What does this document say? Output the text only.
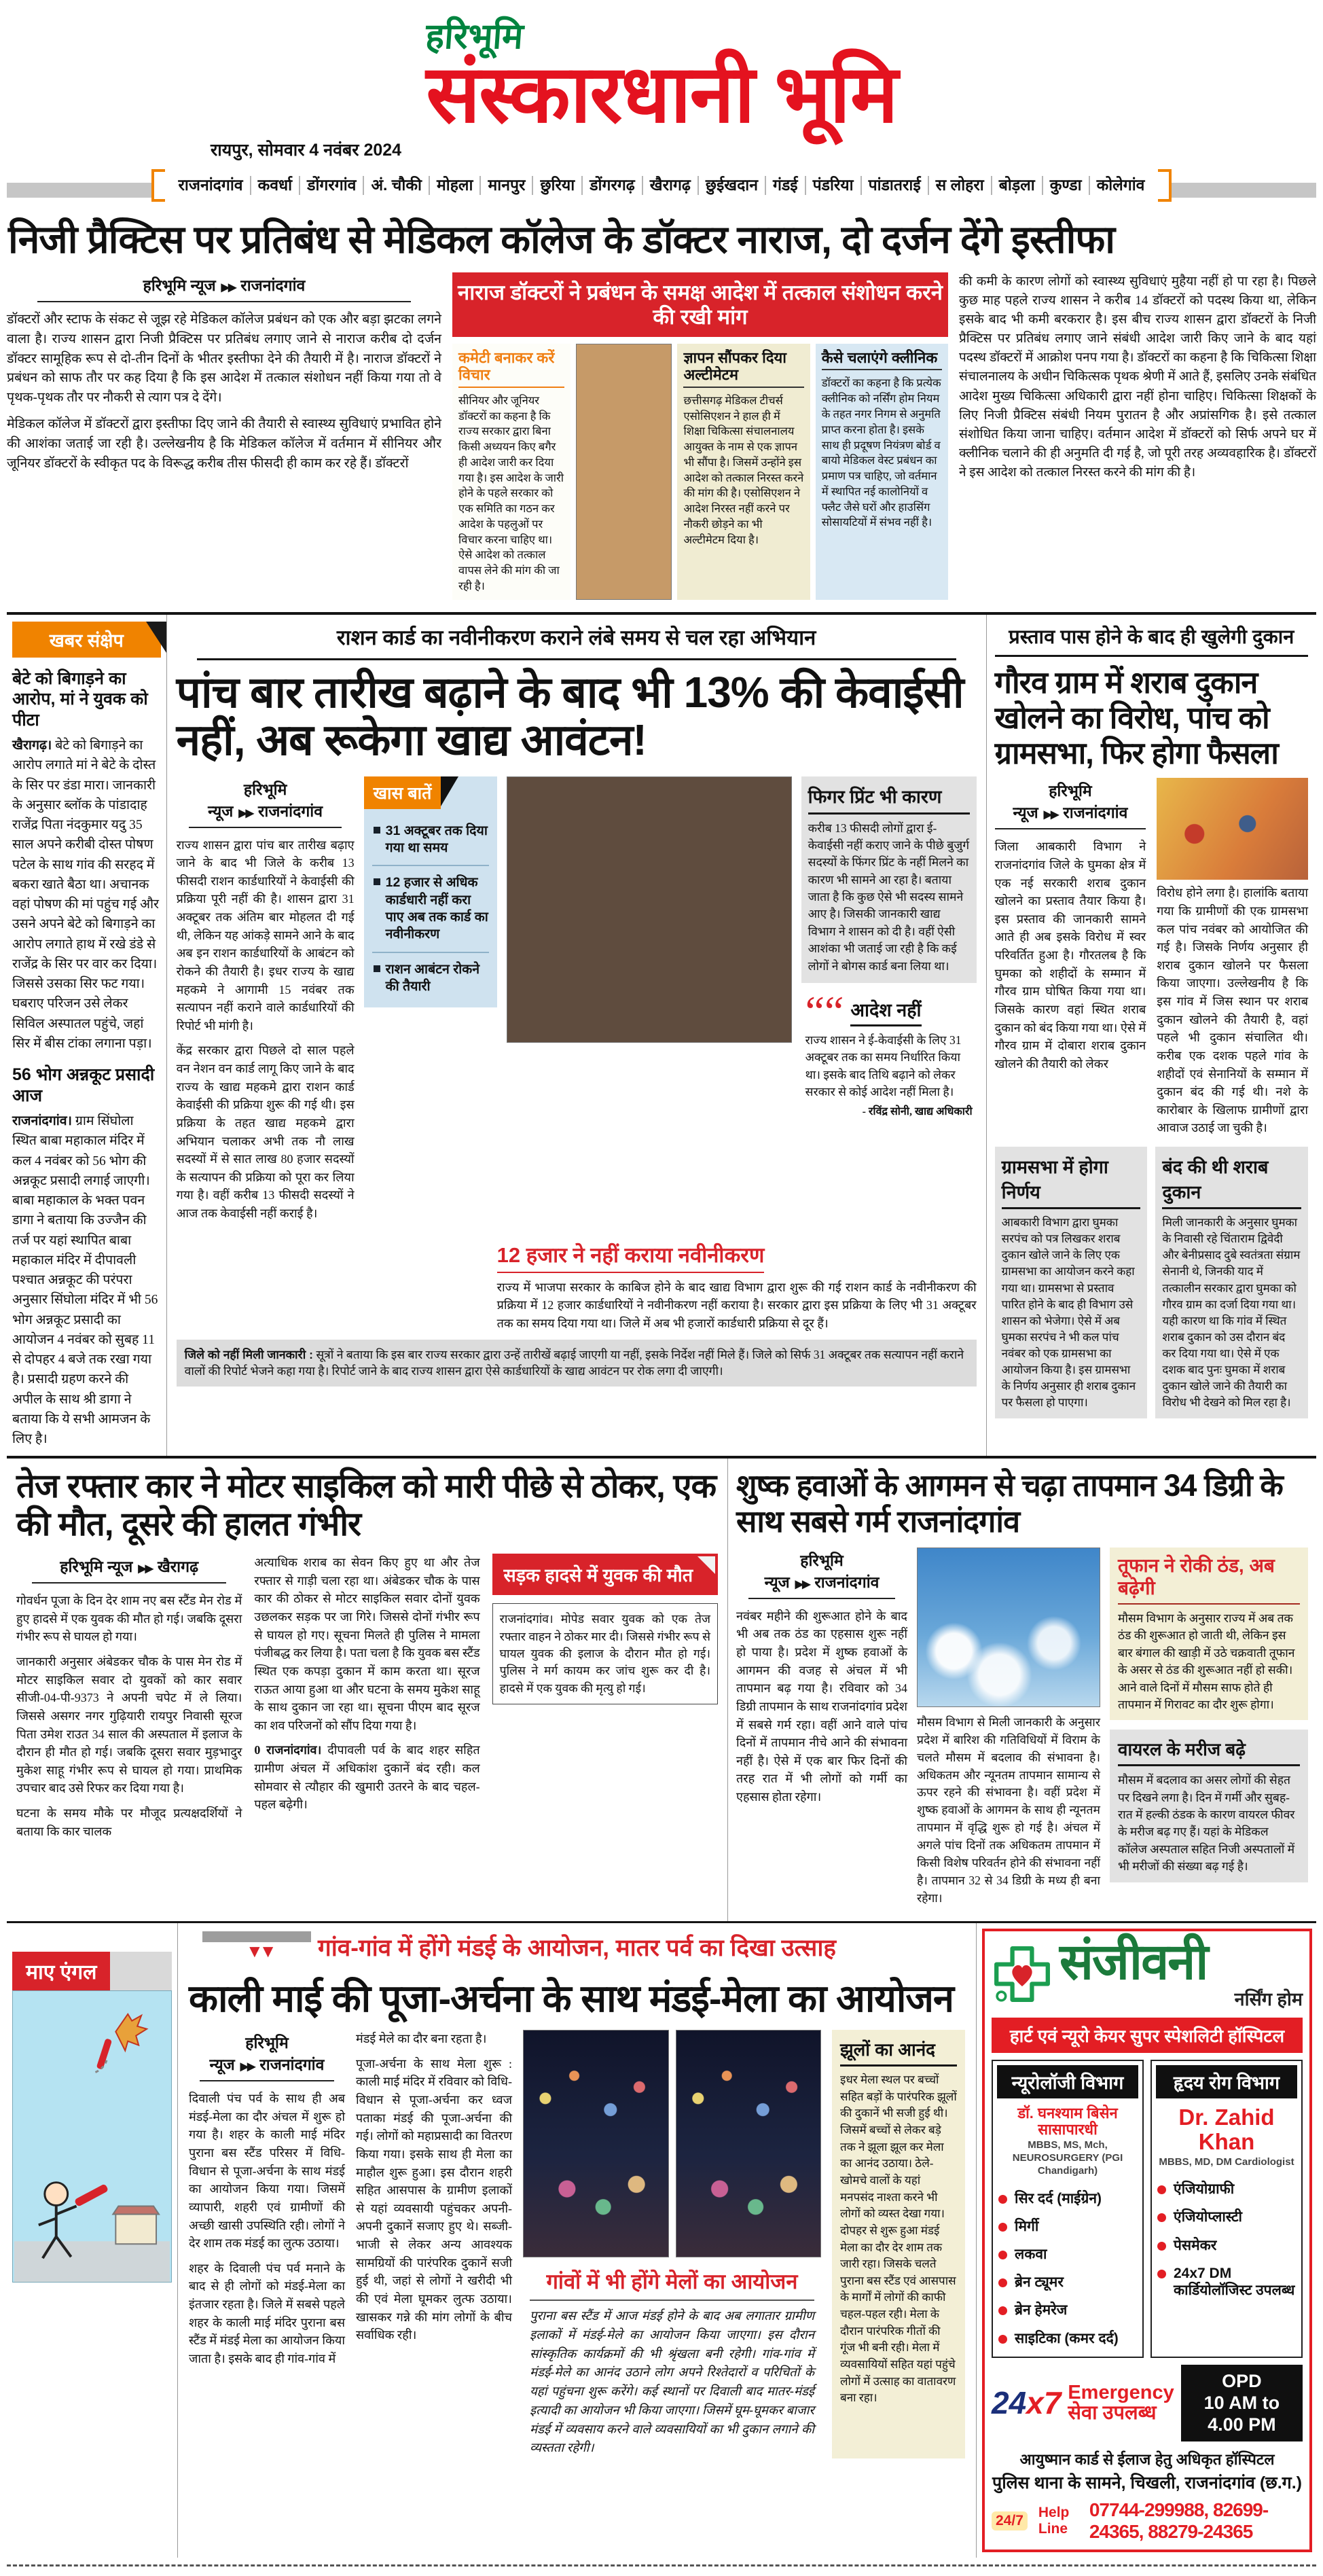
हरिभूमि
संस्कारधानी भूमि
रायपुर, सोमवार 4 नवंबर 2024
राजनांदगांव कवर्धा डोंगरगांव अं. चौकी मोहला मानपुर छुरिया डोंगरगढ़ खैरागढ़ छुईखदान गंडई पंडरिया पांडातराई स लोहरा बोड़ला कुण्डा कोलेगांव
निजी प्रैक्टिस पर प्रतिबंध से मेडिकल कॉलेज के डॉक्टर नाराज, दो दर्जन देंगे इस्तीफा
हरिभूमि न्यूज ▶▶ राजनांदगांव

डॉक्टरों और स्टाफ के संकट से जूझ रहे मेडिकल कॉलेज प्रबंधन को एक और बड़ा झटका लगने वाला है। राज्य शासन द्वारा निजी प्रैक्टिस पर प्रतिबंध लगाए जाने से नाराज करीब दो दर्जन डॉक्टर सामूहिक रूप से दो-तीन दिनों के भीतर इस्तीफा देने की तैयारी में है। नाराज डॉक्टरों ने प्रबंधन को साफ तौर पर कह दिया है कि इस आदेश में तत्काल संशोधन नहीं किया गया तो वे पृथक-पृथक तौर पर नौकरी से त्याग पत्र दे देंगे।

मेडिकल कॉलेज में डॉक्टरों द्वारा इस्तीफा दिए जाने की तैयारी से स्वास्थ्य सुविधाएं प्रभावित होने की आशंका जताई जा रही है। उल्लेखनीय है कि मेडिकल कॉलेज में वर्तमान में सीनियर और जूनियर डॉक्टरों के स्वीकृत पद के विरूद्ध करीब तीस फीसदी ही काम कर रहे हैं। डॉक्टरों

नाराज डॉक्टरों ने प्रबंधन के समक्ष आदेश में तत्काल संशोधन करने की रखी मांग
कमेटी बनाकर करें विचार

सीनियर और जूनियर डॉक्टरों का कहना है कि राज्य सरकार द्वारा बिना किसी अध्ययन किए बगैर ही आदेश जारी कर दिया गया है। इस आदेश के जारी होने के पहले सरकार को एक समिति का गठन कर आदेश के पहलुओं पर विचार करना चाहिए था। ऐसे आदेश को तत्काल वापस लेने की मांग की जा रही है।

ज्ञापन सौंपकर दिया अल्टीमेटम

छत्तीसगढ़ मेडिकल टीचर्स एसोसिएशन ने हाल ही में शिक्षा चिकित्सा संचालनालय आयुक्त के नाम से एक ज्ञापन भी सौंपा है। जिसमें उन्होंने इस आदेश को तत्काल निरस्त करने की मांग की है। एसोसिएशन ने आदेश निरस्त नहीं करने पर नौकरी छोड़ने का भी अल्टीमेटम दिया है।

कैसे चलाएंगे क्लीनिक

डॉक्टरों का कहना है कि प्रत्येक क्लीनिक को नर्सिंग होम नियम के तहत नगर निगम से अनुमति प्राप्त करना होता है। इसके साथ ही प्रदूषण नियंत्रण बोर्ड व बायो मेडिकल वेस्ट प्रबंधन का प्रमाण पत्र चाहिए, जो वर्तमान में स्थापित नई कालोनियों व फ्लैट जैसे घरों और हाउसिंग सोसायटियों में संभव नहीं है।

की कमी के कारण लोगों को स्वास्थ्य सुविधाएं मुहैया नहीं हो पा रहा है। पिछले कुछ माह पहले राज्य शासन ने करीब 14 डॉक्टरों को पदस्थ किया था, लेकिन इसके बाद भी कमी बरकरार है। इस बीच राज्य शासन द्वारा डॉक्टरों के निजी प्रैक्टिस पर प्रतिबंध लगाए जाने संबंधी आदेश जारी किए जाने के बाद यहां पदस्थ डॉक्टरों में आक्रोश पनप गया है। डॉक्टरों का कहना है कि चिकित्सा शिक्षा संचालनालय के अधीन चिकित्सक पृथक श्रेणी में आते हैं, इसलिए उनके संबंधित आदेश मुख्य चिकित्सा अधिकारी द्वारा नहीं होना चाहिए। चिकित्सा शिक्षकों के लिए निजी प्रैक्टिस संबंधी नियम पुरातन है और अप्रांसगिक है। इसे तत्काल संशोधित किया जाना चाहिए। वर्तमान आदेश में डॉक्टरों को सिर्फ अपने घर में क्लीनिक चलाने की ही अनुमति दी गई है, जो पूरी तरह अव्यवहारिक है। डॉक्टरों ने इस आदेश को तत्काल निरस्त करने की मांग की है।

खबर संक्षेप
बेटे को बिगाड़ने का आरोप, मां ने युवक को पीटा

खैरागढ़। बेटे को बिगाड़ने का आरोप लगाते मां ने बेटे के दोस्त के सिर पर डंडा मारा। जानकारी के अनुसार ब्लॉक के पांडादाह राजेंद्र पिता नंदकुमार यदु 35 साल अपने करीबी दोस्त पोषण पटेल के साथ गांव की सरहद में बकरा खाते बैठा था। अचानक वहां पोषण की मां पहुंच गई और उसने अपने बेटे को बिगाड़ने का आरोप लगाते हाथ में रखे डंडे से राजेंद्र के सिर पर वार कर दिया। जिससे उसका सिर फट गया। घबराए परिजन उसे लेकर सिविल अस्पातल पहुंचे, जहां सिर में बीस टांका लगाना पड़ा।

56 भोग अन्नकूट प्रसादी आज

राजनांदगांव। ग्राम सिंघोला स्थित बाबा महाकाल मंदिर में कल 4 नवंबर को 56 भोग की अन्नकूट प्रसादी लगाई जाएगी। बाबा महाकाल के भक्त पवन डागा ने बताया कि उज्जैन की तर्ज पर यहां स्थापित बाबा महाकाल मंदिर में दीपावली पश्चात अन्नकूट की परंपरा अनुसार सिंघोला मंदिर में भी 56 भोग अन्नकूट प्रसादी का आयोजन 4 नवंबर को सुबह 11 से दोपहर 4 बजे तक रखा गया है। प्रसादी ग्रहण करने की अपील के साथ श्री डागा ने बताया कि ये सभी आमजन के लिए है।

राशन कार्ड का नवीनीकरण कराने लंबे समय से चल रहा अभियान
पांच बार तारीख बढ़ाने के बाद भी 13% की केवाईसी नहीं, अब रूकेगा खाद्य आवंटन!
हरिभूमि न्यूज ▶▶ राजनांदगांव

राज्य शासन द्वारा पांच बार तारीख बढ़ाए जाने के बाद भी जिले के करीब 13 फीसदी राशन कार्डधारियों ने केवाईसी की प्रक्रिया पूरी नहीं की है। शासन द्वारा 31 अक्टूबर तक अंतिम बार मोहलत दी गई थी, लेकिन यह आंकड़े सामने आने के बाद अब इन राशन कार्डधारियों के आबंटन को रोकने की तैयारी है। इधर राज्य के खाद्य महकमे ने आगामी 15 नवंबर तक सत्यापन नहीं कराने वाले कार्डधारियों की रिपोर्ट भी मांगी है।

केंद्र सरकार द्वारा पिछले दो साल पहले वन नेशन वन कार्ड लागू किए जाने के बाद राज्य के खाद्य महकमे द्वारा राशन कार्ड केवाईसी की प्रक्रिया शुरू की गई थी। इस प्रक्रिया के तहत खाद्य महकमे द्वारा अभियान चलाकर अभी तक नौ लाख सदस्यों में से सात लाख 80 हजार सदस्यों के सत्यापन की प्रक्रिया को पूरा कर लिया गया है। वहीं करीब 13 फीसदी सदस्यों ने आज तक केवाईसी नहीं कराई है।

खास बातें
31 अक्टूबर तक दिया गया था समय
12 हजार से अधिक कार्डधारी नहीं करा पाए अब तक कार्ड का नवीनीकरण
राशन आबंटन रोकने की तैयारी
फिगर प्रिंट भी कारण

करीब 13 फीसदी लोगों द्वारा ई-केवाईसी नहीं कराए जाने के पीछे बुजुर्ग सदस्यों के फिंगर प्रिंट के नहीं मिलने का कारण भी सामने आ रहा है। बताया जाता है कि कुछ ऐसे भी सदस्य सामने आए है। जिसकी जानकारी खाद्य विभाग ने शासन को दी है। वहीं ऐसी आशंका भी जताई जा रही है कि कई लोगों ने बोगस कार्ड बना लिया था।

““ आदेश नहीं

राज्य शासन ने ई-केवाईसी के लिए 31 अक्टूबर तक का समय निर्धारित किया था। इसके बाद तिथि बढ़ाने को लेकर सरकार से कोई आदेश नहीं मिला है।

- रविंद्र सोनी, खाद्य अधिकारी
12 हजार ने नहीं कराया नवीनीकरण

राज्य में भाजपा सरकार के काबिज होने के बाद खाद्य विभाग द्वारा शुरू की गई राशन कार्ड के नवीनीकरण की प्रक्रिया में 12 हजार कार्डधारियों ने नवीनीकरण नहीं कराया है। सरकार द्वारा इस प्रक्रिया के लिए भी 31 अक्टूबर तक का समय दिया गया था। जिले में अब भी हजारों कार्डधारी प्रक्रिया से दूर हैं।

जिले को नहीं मिली जानकारी : सूत्रों ने बताया कि इस बार राज्य सरकार द्वारा उन्हें तारीखें बढ़ाई जाएगी या नहीं, इसके निर्देश नहीं मिले हैं। जिले को सिर्फ 31 अक्टूबर तक सत्यापन नहीं कराने वालों की रिपोर्ट भेजने कहा गया है। रिपोर्ट जाने के बाद राज्य शासन द्वारा ऐसे कार्डधारियों के खाद्य आवंटन पर रोक लगा दी जाएगी।
प्रस्ताव पास होने के बाद ही खुलेगी दुकान
गौरव ग्राम में शराब दुकान खोलने का विरोध, पांच को ग्रामसभा, फिर होगा फैसला
हरिभूमि न्यूज ▶▶ राजनांदगांव

जिला आबकारी विभाग ने राजनांदगांव जिले के घुमका क्षेत्र में एक नई सरकारी शराब दुकान खोलने का प्रस्ताव तैयार किया है। इस प्रस्ताव की जानकारी सामने आते ही अब इसके विरोध में स्वर परिवर्तित हुआ है। गौरतलब है कि घुमका को शहीदों के सम्मान में गौरव ग्राम घोषित किया गया था। जिसके कारण वहां स्थित शराब दुकान को बंद किया गया था। ऐसे में गौरव ग्राम में दोबारा शराब दुकान खोलने की तैयारी को लेकर

विरोध होने लगा है। हालांकि बताया गया कि ग्रामीणों की एक ग्रामसभा कल पांच नवंबर को आयोजित की गई है। जिसके निर्णय अनुसार ही शराब दुकान खोलने पर फैसला किया जाएगा। उल्लेखनीय है कि इस गांव में जिस स्थान पर शराब दुकान खोलने की तैयारी है, वहां पहले भी दुकान संचालित थी। करीब एक दशक पहले गांव के शहीदों एवं सेनानियों के सम्मान में दुकान बंद की गई थी। नशे के कारोबार के खिलाफ ग्रामीणों द्वारा आवाज उठाई जा चुकी है।

ग्रामसभा में होगा निर्णय

आबकारी विभाग द्वारा घुमका सरपंच को पत्र लिखकर शराब दुकान खोले जाने के लिए एक ग्रामसभा का आयोजन करने कहा गया था। ग्रामसभा से प्रस्ताव पारित होने के बाद ही विभाग उसे शासन को भेजेगा। ऐसे में अब घुमका सरपंच ने भी कल पांच नवंबर को एक ग्रामसभा का आयोजन किया है। इस ग्रामसभा के निर्णय अनुसार ही शराब दुकान पर फैसला हो पाएगा।

बंद की थी शराब दुकान

मिली जानकारी के अनुसार घुमका के निवासी रहे चिंताराम द्विवेदी और बेनीप्रसाद दुबे स्वतंत्रता संग्राम सेनानी थे, जिनकी याद में तत्कालीन सरकार द्वारा घुमका को गौरव ग्राम का दर्जा दिया गया था। यही कारण था कि गांव में स्थित शराब दुकान को उस दौरान बंद कर दिया गया था। ऐसे में एक दशक बाद पुनः घुमका में शराब दुकान खोले जाने की तैयारी का विरोध भी देखने को मिल रहा है।

तेज रफ्तार कार ने मोटर साइकिल को मारी पीछे से ठोकर, एक की मौत, दूसरे की हालत गंभीर
हरिभूमि न्यूज ▶▶ खैरागढ़

गोवर्धन पूजा के दिन देर शाम नए बस स्टैंड मेन रोड में हुए हादसे में एक युवक की मौत हो गई। जबकि दूसरा गंभीर रूप से घायल हो गया।

जानकारी अनुसार अंबेडकर चौक के पास मेन रोड में मोटर साइकिल सवार दो युवकों को कार सवार सीजी-04-पी-9373 ने अपनी चपेट में ले लिया। जिससे असगर नगर गुढ़ियारी रायपुर निवासी सूरज पिता उमेश राउत 34 साल की अस्पताल में इलाज के दौरान ही मौत हो गई। जबकि दूसरा सवार मुड़भादुर मुकेश साहू गंभीर रूप से घायल हो गया। प्राथमिक उपचार बाद उसे रिफर कर दिया गया है।

घटना के समय मौके पर मौजूद प्रत्यक्षदर्शियों ने बताया कि कार चालक

अत्याधिक शराब का सेवन किए हुए था और तेज रफ्तार से गाड़ी चला रहा था। अंबेडकर चौक के पास कार की ठोकर से मोटर साइकिल सवार दोनों युवक उछलकर सड़क पर जा गिरे। जिससे दोनों गंभीर रूप से घायल हो गए। सूचना मिलते ही पुलिस ने मामला पंजीबद्ध कर लिया है। पता चला है कि युवक बस स्टैंड स्थित एक कपड़ा दुकान में काम करता था। सूरज राऊत आया हुआ था और घटना के समय मुकेश साहू के साथ दुकान जा रहा था। सूचना पीएम बाद सूरज का शव परिजनों को सौंप दिया गया है।

0 राजनांदगांव। दीपावली पर्व के बाद शहर सहित ग्रामीण अंचल में अधिकांश दुकानें बंद रही। कल सोमवार से त्यौहार की खुमारी उतरने के बाद चहल-पहल बढ़ेगी।

सड़क हादसे में युवक की मौत
राजनांदगांव। मोपेड सवार युवक को एक तेज रफ्तार वाहन ने ठोकर मार दी। जिससे गंभीर रूप से घायल युवक की इलाज के दौरान मौत हो गई। पुलिस ने मर्ग कायम कर जांच शुरू कर दी है। हादसे में एक युवक की मृत्यु हो गई।
शुष्क हवाओं के आगमन से चढ़ा तापमान 34 डिग्री के साथ सबसे गर्म राजनांदगांव
हरिभूमि न्यूज ▶▶ राजनांदगांव

नवंबर महीने की शुरूआत होने के बाद भी अब तक ठंड का एहसास शुरू नहीं हो पाया है। प्रदेश में शुष्क हवाओं के आगमन की वजह से अंचल में भी तापमान बढ़ गया है। रविवार को 34 डिग्री तापमान के साथ राजनांदगांव प्रदेश में सबसे गर्म रहा। वहीं आने वाले पांच दिनों में तापमान नीचे आने की संभावना नहीं है। ऐसे में एक बार फिर दिनों की तरह रात में भी लोगों को गर्मी का एहसास होता रहेगा।

मौसम विभाग से मिली जानकारी के अनुसार प्रदेश में बारिश की गतिविधियों में विराम के चलते मौसम में बदलाव की संभावना है। अधिकतम और न्यूनतम तापमान सामान्य से ऊपर रहने की संभावना है। वहीं प्रदेश में शुष्क हवाओं के आगमन के साथ ही न्यूनतम तापमान में वृद्धि शुरू हो गई है। अंचल में अगले पांच दिनों तक अधिकतम तापमान में किसी विशेष परिवर्तन होने की संभावना नहीं है। तापमान 32 से 34 डिग्री के मध्य ही बना रहेगा।

तूफान ने रोकी ठंड, अब बढ़ेगी

मौसम विभाग के अनुसार राज्य में अब तक ठंड की शुरूआत हो जाती थी, लेकिन इस बार बंगाल की खाड़ी में उठे चक्रवाती तूफान के असर से ठंड की शुरूआत नहीं हो सकी। आने वाले दिनों में मौसम साफ होते ही तापमान में गिरावट का दौर शुरू होगा।

वायरल के मरीज बढ़े

मौसम में बदलाव का असर लोगों की सेहत पर दिखने लगा है। दिन में गर्मी और सुबह-रात में हल्की ठंडक के कारण वायरल फीवर के मरीज बढ़ गए हैं। यहां के मेडिकल कॉलेज अस्पताल सहित निजी अस्पतालों में भी मरीजों की संख्या बढ़ गई है।

माए एंगल
▼▼
गांव-गांव में होंगे मंडई के आयोजन, मातर पर्व का दिखा उत्साह
काली माई की पूजा-अर्चना के साथ मंडई-मेला का आयोजन
हरिभूमि न्यूज ▶▶ राजनांदगांव

दिवाली पंच पर्व के साथ ही अब मंडई-मेला का दौर अंचल में शुरू हो गया है। शहर के काली माई मंदिर पुराना बस स्टैंड परिसर में विधि-विधान से पूजा-अर्चना के साथ मंडई का आयोजन किया गया। जिसमें व्यापारी, शहरी एवं ग्रामीणों की अच्छी खासी उपस्थिति रही। लोगों ने देर शाम तक मंडई का लुत्फ उठाया।

शहर के दिवाली पंच पर्व मनाने के बाद से ही लोगों को मंडई-मेला का इंतजार रहता है। जिले में सबसे पहले शहर के काली माई मंदिर पुराना बस स्टैंड में मंडई मेला का आयोजन किया जाता है। इसके बाद ही गांव-गांव में

मंडई मेले का दौर बना रहता है।

पूजा-अर्चना के साथ मेला शुरू : काली माई मंदिर में रविवार को विधि-विधान से पूजा-अर्चना कर ध्वज पताका मंडई की पूजा-अर्चना की गई। लोगों को महाप्रसादी का वितरण किया गया। इसके साथ ही मेला का माहौल शुरू हुआ। इस दौरान शहरी सहित आसपास के ग्रामीण इलाकों से यहां व्यवसायी पहुंचकर अपनी-अपनी दुकानें सजाए हुए थे। सब्जी-भाजी से लेकर अन्य आवश्यक सामग्रियों की पारंपरिक दुकानें सजी हुई थी, जहां से लोगों ने खरीदी भी की एवं मेला घूमकर लुत्फ उठाया। खासकर गन्ने की मांग लोगों के बीच सर्वाधिक रही।

गांवों में भी होंगे मेलों का आयोजन

पुराना बस स्टैंड में आज मंडई होने के बाद अब लगातार ग्रामीण इलाकों में मंडई-मेले का आयोजन किया जाएगा। इस दौरान सांस्कृतिक कार्यक्रमों की भी श्रृंखला बनी रहेगी। गांव-गांव में मंडई-मेले का आनंद उठाने लोग अपने रिश्तेदारों व परिचितों के यहां पहुंचना शुरू करेंगे। कई स्थानों पर दिवाली बाद मातर-मंडई इत्यादी का आयोजन भी किया जाएगा। जिसमें घूम-घूमकर बाजार मंडई में व्यवसाय करने वाले व्यवसायियों का भी दुकान लगाने की व्यस्तता रहेगी।

झूलों का आनंद

इधर मेला स्थल पर बच्चों सहित बड़ों के पारंपरिक झूलों की दुकानें भी सजी हुई थी। जिसमें बच्चों से लेकर बड़े तक ने झूला झूल कर मेला का आनंद उठाया। ठेले-खोमचे वालों के यहां मनपसंद नाश्ता करने भी लोगों को व्यस्त देखा गया। दोपहर से शुरू हुआ मंडई मेला का दौर देर शाम तक जारी रहा। जिसके चलते पुराना बस स्टैंड एवं आसपास के मार्गों में लोगों की काफी चहल-पहल रही। मेला के दौरान पारंपरिक गीतों की गूंज भी बनी रही। मेला में व्यवसायियों सहित यहां पहुंचे लोगों में उत्साह का वातावरण बना रहा।

संजीवनी
नर्सिंग होम
हार्ट एवं न्यूरो केयर सुपर स्पेशलिटी हॉस्पिटल
न्यूरोलॉजी विभाग
डॉ. घनश्याम बिसेन सासापारधी
MBBS, MS, Mch, NEUROSURGERY (PGI Chandigarh)
सिर दर्द (माईग्रेन)
मिर्गी
लकवा
ब्रेन ट्यूमर
ब्रेन हेमरेज
साइटिका (कमर दर्द)
हृदय रोग विभाग
Dr. Zahid Khan
MBBS, MD, DM Cardiologist
एंजियोग्राफी
एंजियोप्लास्टी
पेसमेकर
24x7 DM कार्डियोलॉजिस्ट उपलब्ध
24x7 Emergency
सेवा उपलब्ध
OPD
10 AM to 4.00 PM
आयुष्मान कार्ड से ईलाज हेतु अधिकृत हॉस्पिटल
पुलिस थाना के सामने, चिखली, राजनांदगांव (छ.ग.)
24/7
Help Line
07744-299988, 82699-24365, 88279-24365
